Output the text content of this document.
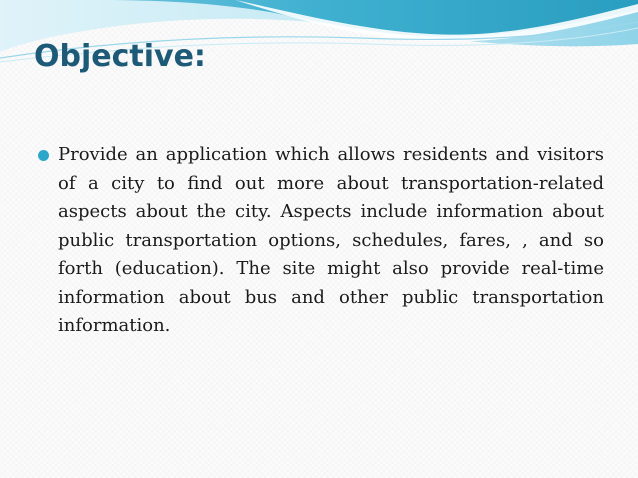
Objective:
Provide an application which allows residents and visitors of a city to find out more about transportation-related aspects about the city. Aspects include information about public transportation options, schedules, fares, , and so forth (education). The site might also provide real-time information about bus and other public transportation information.
